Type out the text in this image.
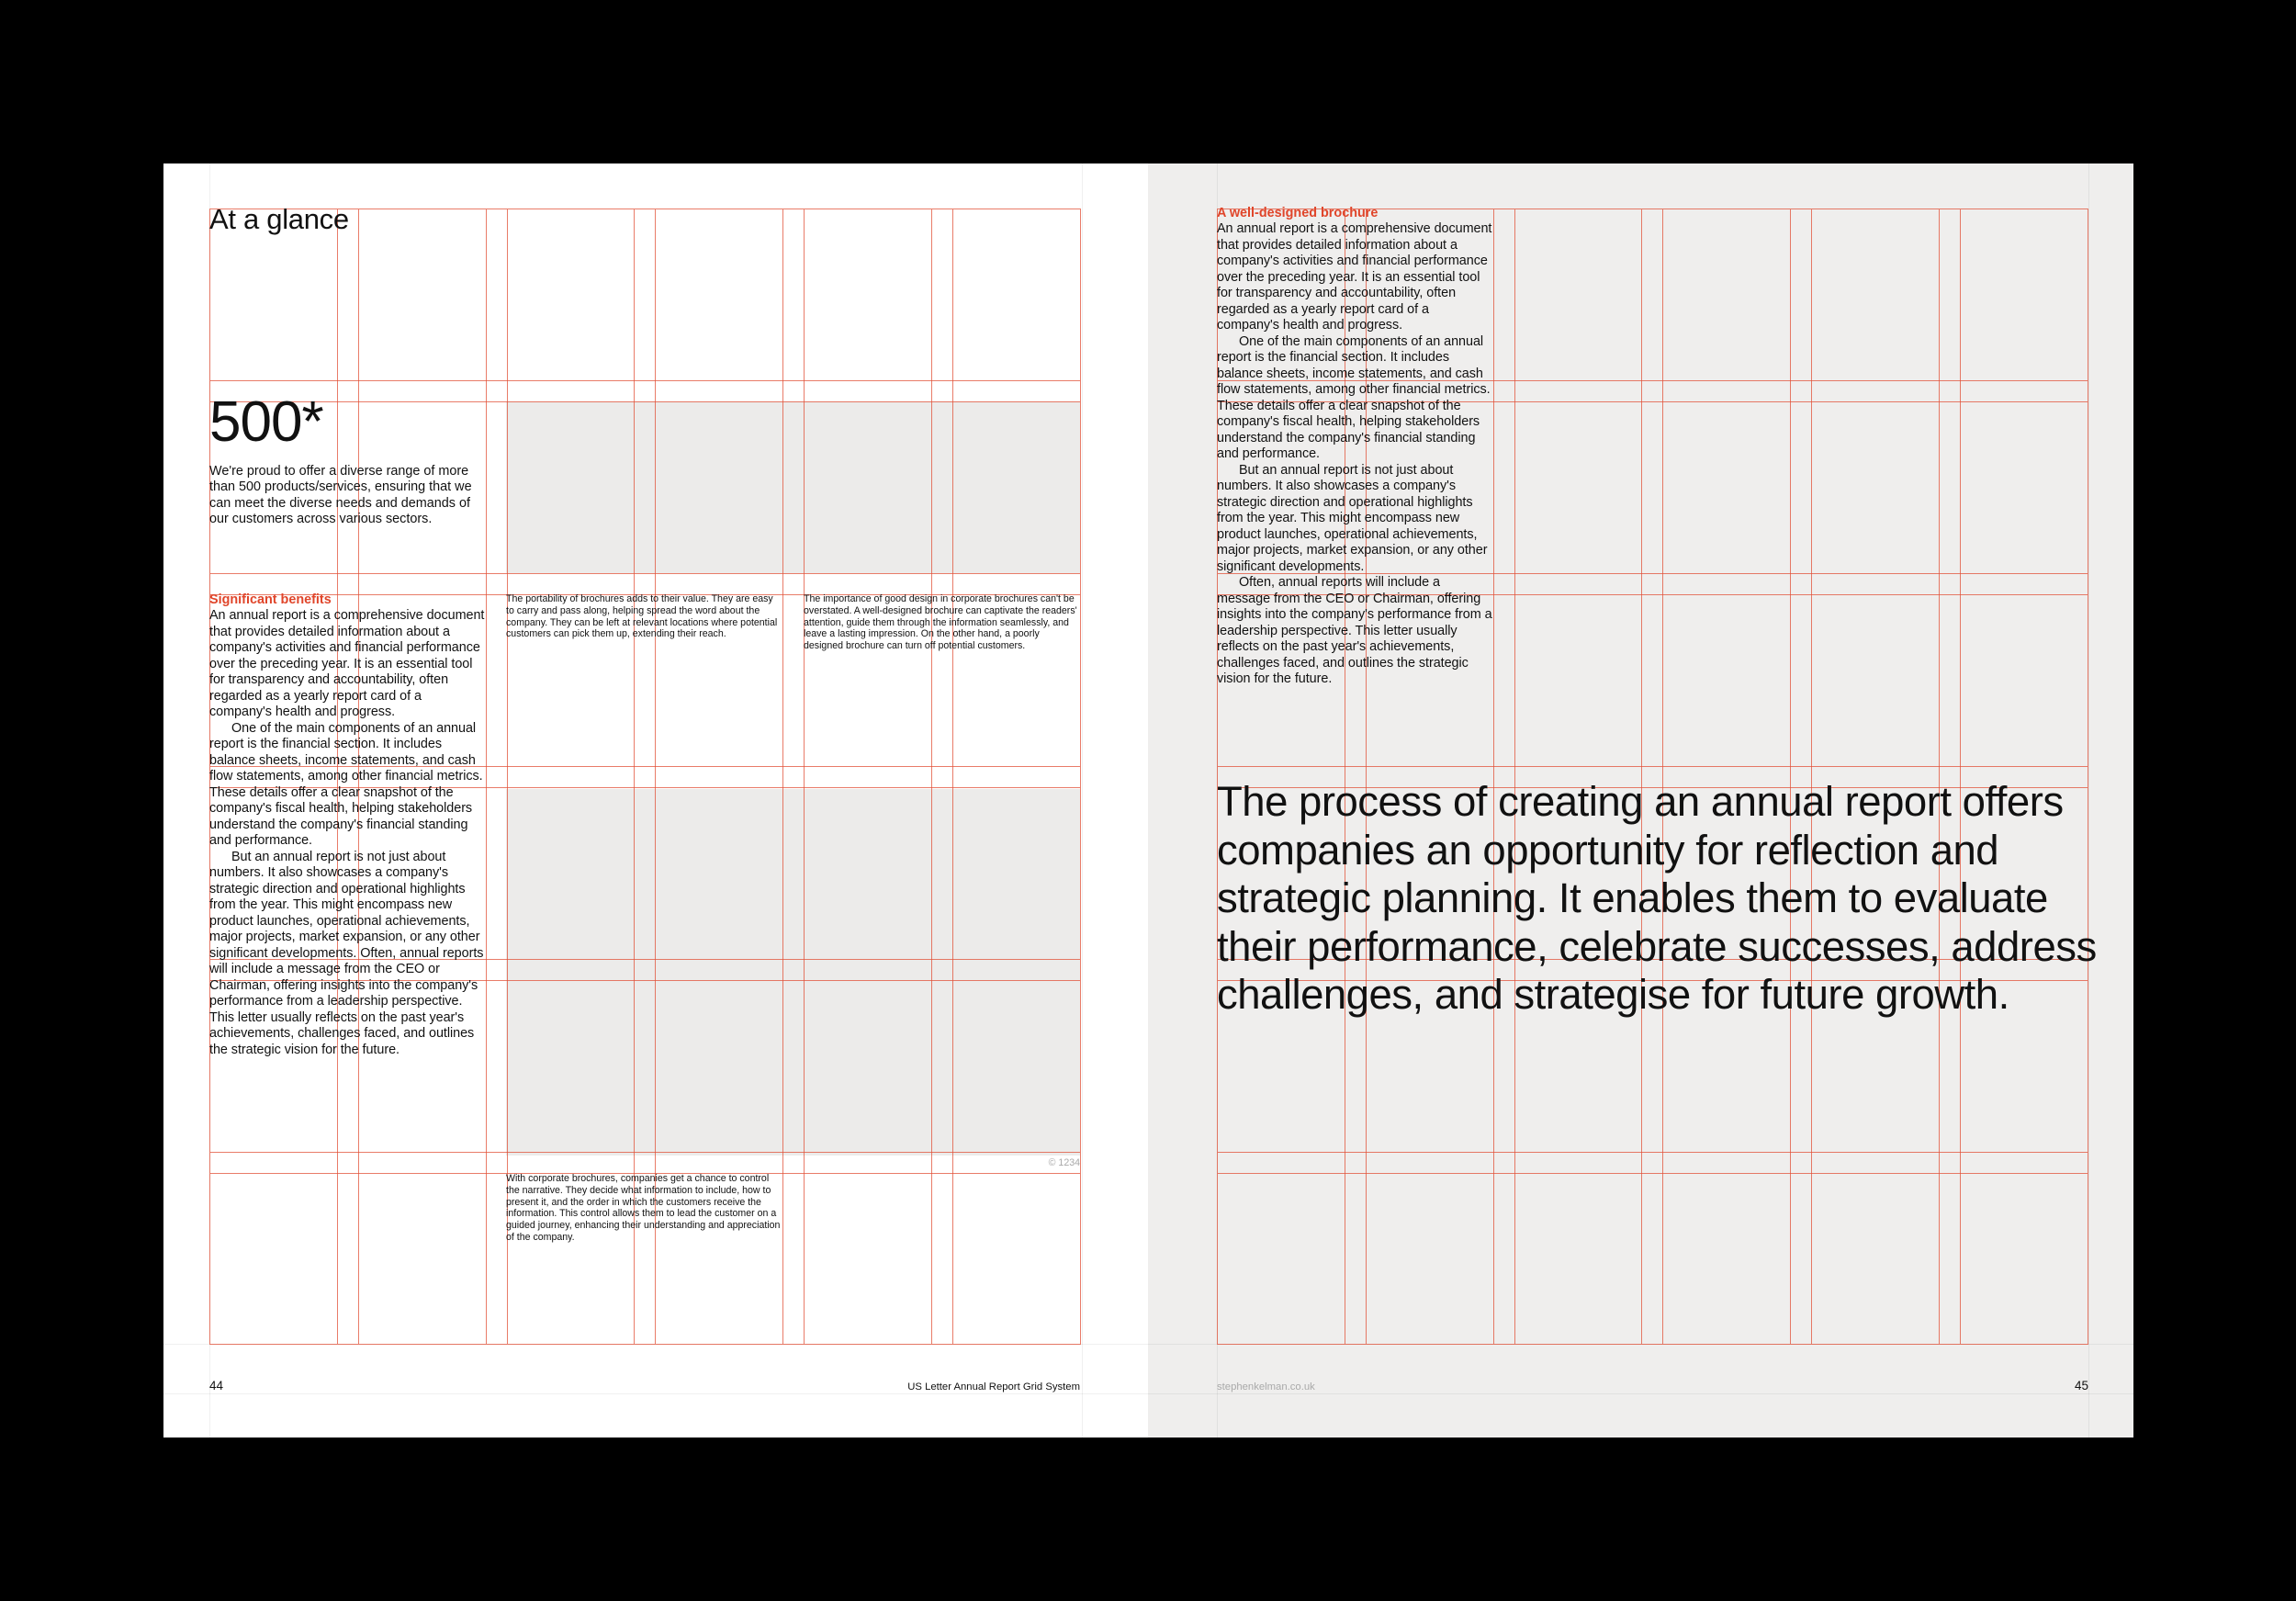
At a glance
500*
We're proud to offer a diverse range of more than 500 products/services, ensuring that we can meet the diverse needs and demands of our customers across various sectors.
Significant benefits

An annual report is a comprehensive document that provides detailed information about a company's activities and financial performance over the preceding year. It is an essential tool for transparency and accountability, often regarded as a yearly report card of a company's health and progress.

One of the main components of an annual report is the financial section. It includes balance sheets, income statements, and cash flow statements, among other financial metrics. These details offer a clear snapshot of the company's fiscal health, helping stakeholders understand the company's financial standing and performance.

But an annual report is not just about numbers. It also showcases a company's strategic direction and operational highlights from the year. This might encompass new product launches, operational achievements, major projects, market expansion, or any other significant developments. Often, annual reports will include a message from the CEO or Chairman, offering insights into the company's performance from a leadership perspective. This letter usually reflects on the past year's achievements, challenges faced, and outlines the strategic vision for the future.

The portability of brochures adds to their value. They are easy to carry and pass along, helping spread the word about the company. They can be left at relevant locations where potential customers can pick them up, extending their reach.
The importance of good design in corporate brochures can't be overstated. A well-designed brochure can captivate the readers' attention, guide them through the information seamlessly, and leave a lasting impression. On the other hand, a poorly designed brochure can turn off potential customers.
© 1234
With corporate brochures, companies get a chance to control the narrative. They decide what information to include, how to present it, and the order in which the customers receive the information. This control allows them to lead the customer on a guided journey, enhancing their understanding and appreciation of the company.
44	US Letter Annual Report Grid System
A well-designed brochure

An annual report is a comprehensive document that provides detailed information about a company's activities and financial performance over the preceding year. It is an essential tool for transparency and accountability, often regarded as a yearly report card of a company's health and progress.

One of the main components of an annual report is the financial section. It includes balance sheets, income statements, and cash flow statements, among other financial metrics. These details offer a clear snapshot of the company's fiscal health, helping stakeholders understand the company's financial standing and performance.

But an annual report is not just about numbers. It also showcases a company's strategic direction and operational highlights from the year. This might encompass new product launches, operational achievements, major projects, market expansion, or any other significant developments.

Often, annual reports will include a message from the CEO or Chairman, offering insights into the company's performance from a leadership perspective. This letter usually reflects on the past year's achievements, challenges faced, and outlines the strategic vision for the future.

The process of creating an annual report offers companies an opportunity for reflection and strategic planning. It enables them to evaluate their performance, celebrate successes, address challenges, and strategise for future growth.
stephenkelman.co.uk	45
